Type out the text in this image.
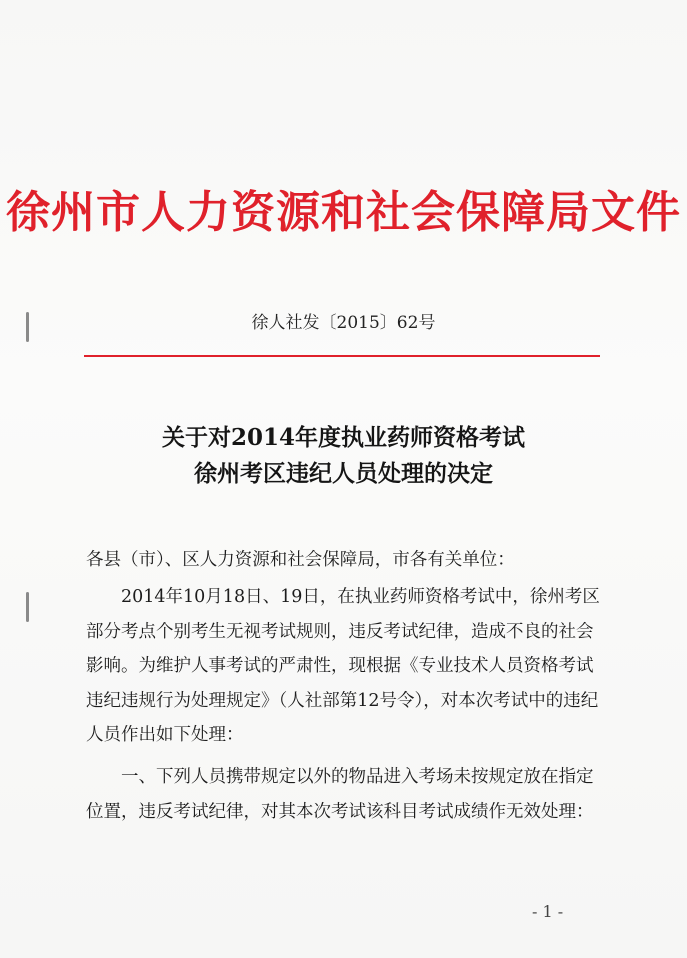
徐州市人力资源和社会保障局文件
徐人社发〔2015〕62号
关于对2014年度执业药师资格考试
徐州考区违纪人员处理的决定
各县（市）、区人力资源和社会保障局，市各有关单位：
2014年10月18日、19日，在执业药师资格考试中，徐州考区部分考点个别考生无视考试规则，违反考试纪律，造成不良的社会影响。为维护人事考试的严肃性，现根据《专业技术人员资格考试违纪违规行为处理规定》（人社部第12号令），对本次考试中的违纪人员作出如下处理：
一、下列人员携带规定以外的物品进入考场未按规定放在指定位置，违反考试纪律，对其本次考试该科目考试成绩作无效处理：
- 1 -
